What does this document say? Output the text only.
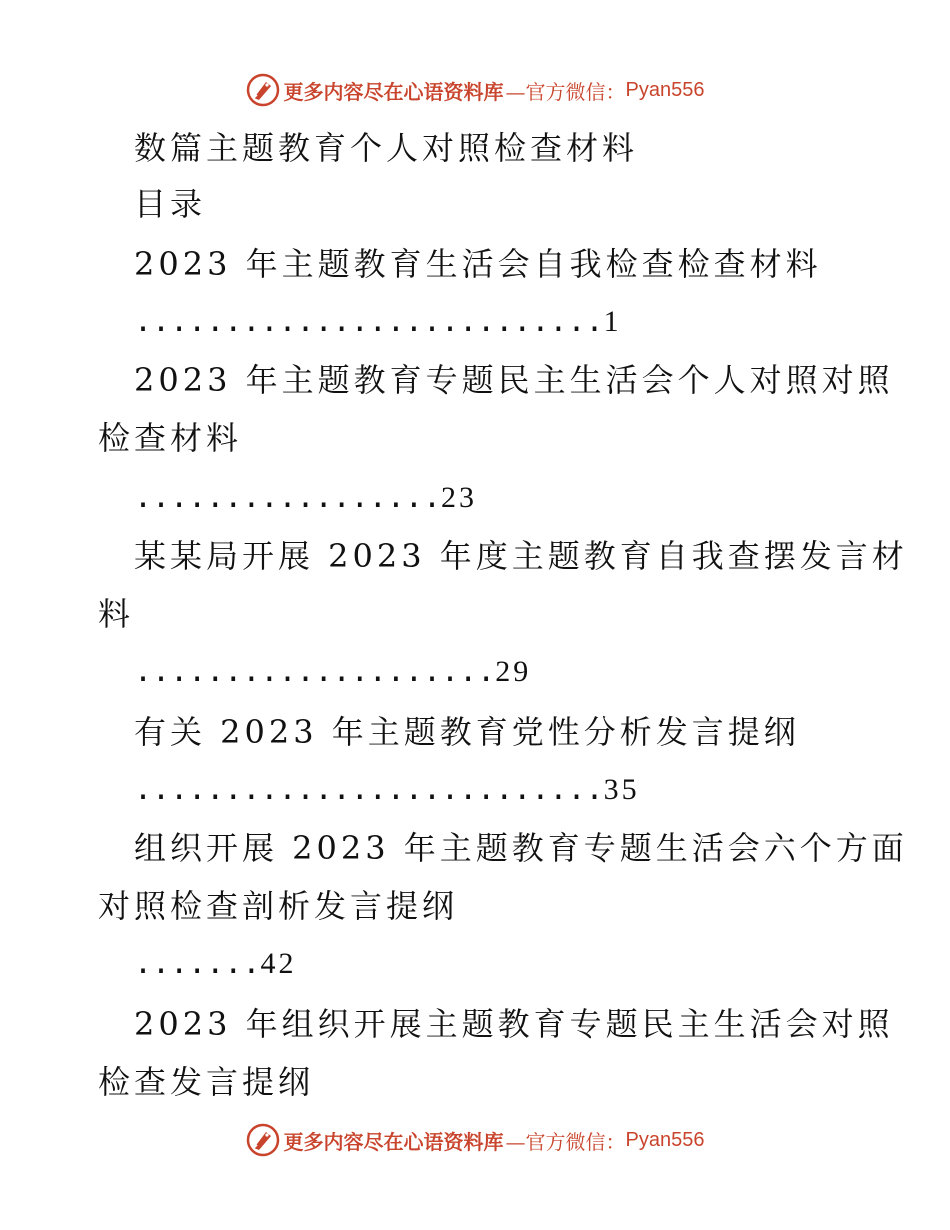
更多内容尽在心语资料库 —官方微信： Pyan556
数篇主题教育个人对照检查材料
目录
2023 年主题教育生活会自我检查检查材料
..........................1
2023 年主题教育专题民主生活会个人对照对照
检查材料
.................23
某某局开展 2023 年度主题教育自我查摆发言材
料
....................29
有关 2023 年主题教育党性分析发言提纲
..........................35
组织开展 2023 年主题教育专题生活会六个方面
对照检查剖析发言提纲
.......42
2023 年组织开展主题教育专题民主生活会对照
检查发言提纲
更多内容尽在心语资料库 —官方微信： Pyan556
